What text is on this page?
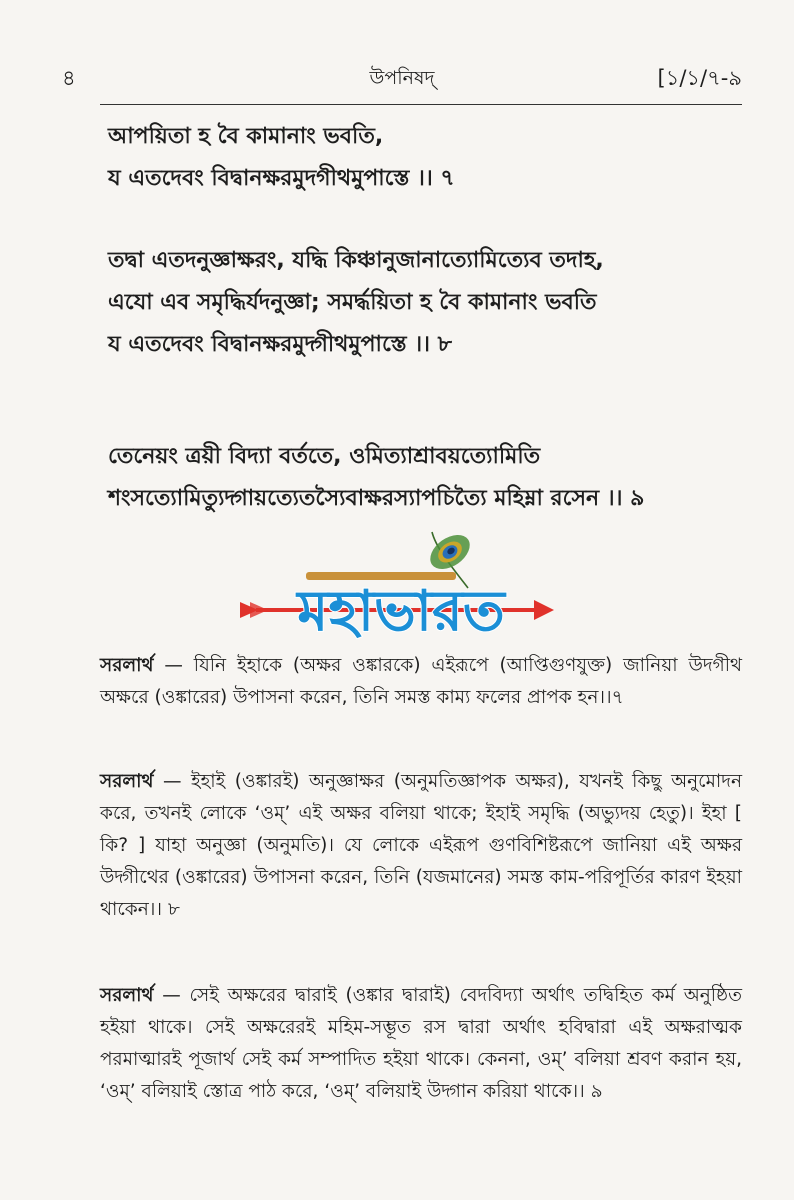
৪	উপনিষদ্	[১/১/৭-৯
আপয়িতা হ বৈ কামানাং ভবতি,
য এতদেবং বিদ্বানক্ষরমুদগীথমুপাস্তে ।। ৭
তদ্বা এতদনুজ্ঞাক্ষরং, যদ্ধি কিঞ্চানুজানাত্যোমিত্যেব তদাহ,
এযো এব সমৃদ্ধির্যদনুজ্ঞা; সমর্দ্ধয়িতা হ বৈ কামানাং ভবতি
য এতদেবং বিদ্বানক্ষরমুদ্গীথমুপাস্তে ।। ৮
তেনেয়ং ত্রয়ী বিদ্যা বর্ততে, ওমিত্যাশ্রাবয়ত্যোমিতি
শংসত্যোমিত্যুদ্গায়ত্যেতস্যৈবাক্ষরস্যাপচিত্যৈ মহিম্না রসেন ।। ৯
মহাভারত
সরলার্থ — যিনি ইহাকে (অক্ষর ওঙ্কারকে) এইরূপে (আপ্তিগুণযুক্ত) জানিয়া উদগীথ অক্ষরে (ওঙ্কারের) উপাসনা করেন, তিনি সমস্ত কাম্য ফলের প্রাপক হন।।৭
সরলার্থ — ইহাই (ওঙ্কারই) অনুজ্ঞাক্ষর (অনুমতিজ্ঞাপক অক্ষর), যখনই কিছু অনুমোদন করে, তখনই লোকে ‘ওম্’ এই অক্ষর বলিয়া থাকে; ইহাই সমৃদ্ধি (অভ্যুদয় হেতু)। ইহা [ কি? ] যাহা অনুজ্ঞা (অনুমতি)। যে লোকে এইরূপ গুণবিশিষ্টরূপে জানিয়া এই অক্ষর উদ্গীথের (ওঙ্কারের) উপাসনা করেন, তিনি (যজমানের) সমস্ত কাম-পরিপূর্তির কারণ ইহয়া থাকেন।। ৮
সরলার্থ — সেই অক্ষরের দ্বারাই (ওঙ্কার দ্বারাই) বেদবিদ্যা অর্থাৎ তদ্বিহিত কর্ম অনুষ্ঠিত হইয়া থাকে। সেই অক্ষরেরই মহিম-সম্ভূত রস দ্বারা অর্থাৎ হবিদ্বারা এই অক্ষরাত্মক পরমাত্মারই পূজার্থ সেই কর্ম সম্পাদিত হইয়া থাকে। কেননা, ওম্’ বলিয়া শ্রবণ করান হয়, ‘ওম্’ বলিয়াই স্তোত্র পাঠ করে, ‘ওম্’ বলিয়াই উদ্গান করিয়া থাকে।। ৯
